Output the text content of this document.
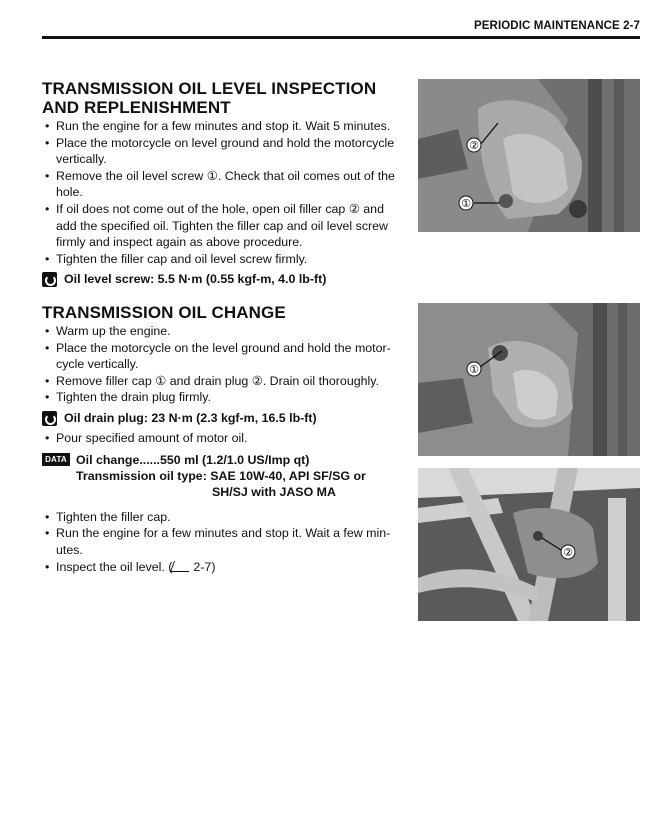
PERIODIC MAINTENANCE 2-7
TRANSMISSION OIL LEVEL INSPECTION
AND REPLENISHMENT
• Run the engine for a few minutes and stop it. Wait 5 minutes.
• Place the motorcycle on level ground and hold the motorcycle vertically.
• Remove the oil level screw ①. Check that oil comes out of the hole.
• If oil does not come out of the hole, open oil filler cap ② and add the specified oil. Tighten the filler cap and oil level screw firmly and inspect again as above procedure.
• Tighten the filler cap and oil level screw firmly.
Oil level screw: 5.5 N·m (0.55 kgf-m, 4.0 lb-ft)
TRANSMISSION OIL CHANGE
• Warm up the engine.
• Place the motorcycle on the level ground and hold the motor-cycle vertically.
• Remove filler cap ① and drain plug ②. Drain oil thoroughly.
• Tighten the drain plug firmly.
Oil drain plug: 23 N·m (2.3 kgf-m, 16.5 lb-ft)
• Pour specified amount of motor oil.
DATA Oil change......550 ml (1.2/1.0 US/Imp qt)
Transmission oil type: SAE 10W-40, API SF/SG or
SH/SJ with JASO MA
• Tighten the filler cap.
• Run the engine for a few minutes and stop it. Wait a few min-utes.
• Inspect the oil level. ( 2-7)
②
①
①
②
